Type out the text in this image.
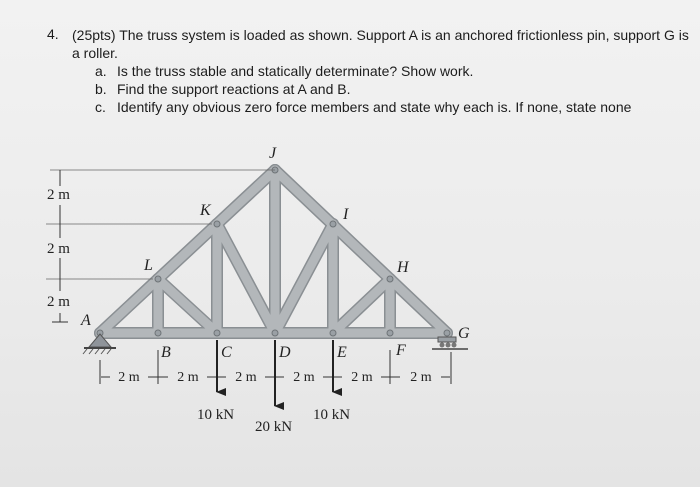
4. (25pts) The truss system is loaded as shown. Support A is an anchored frictionless pin, support G is a roller.
a. Is the truss stable and statically determinate? Show work.
b. Find the support reactions at A and B.
c. Identify any obvious zero force members and state why each is. If none, state none
2 m
2 m
2 m
2 m	2 m	2 m	2 m	2 m	2 m
10 kN
20 kN
10 kN
A
B	C	D	E	F
G
H
I
J
K
L
